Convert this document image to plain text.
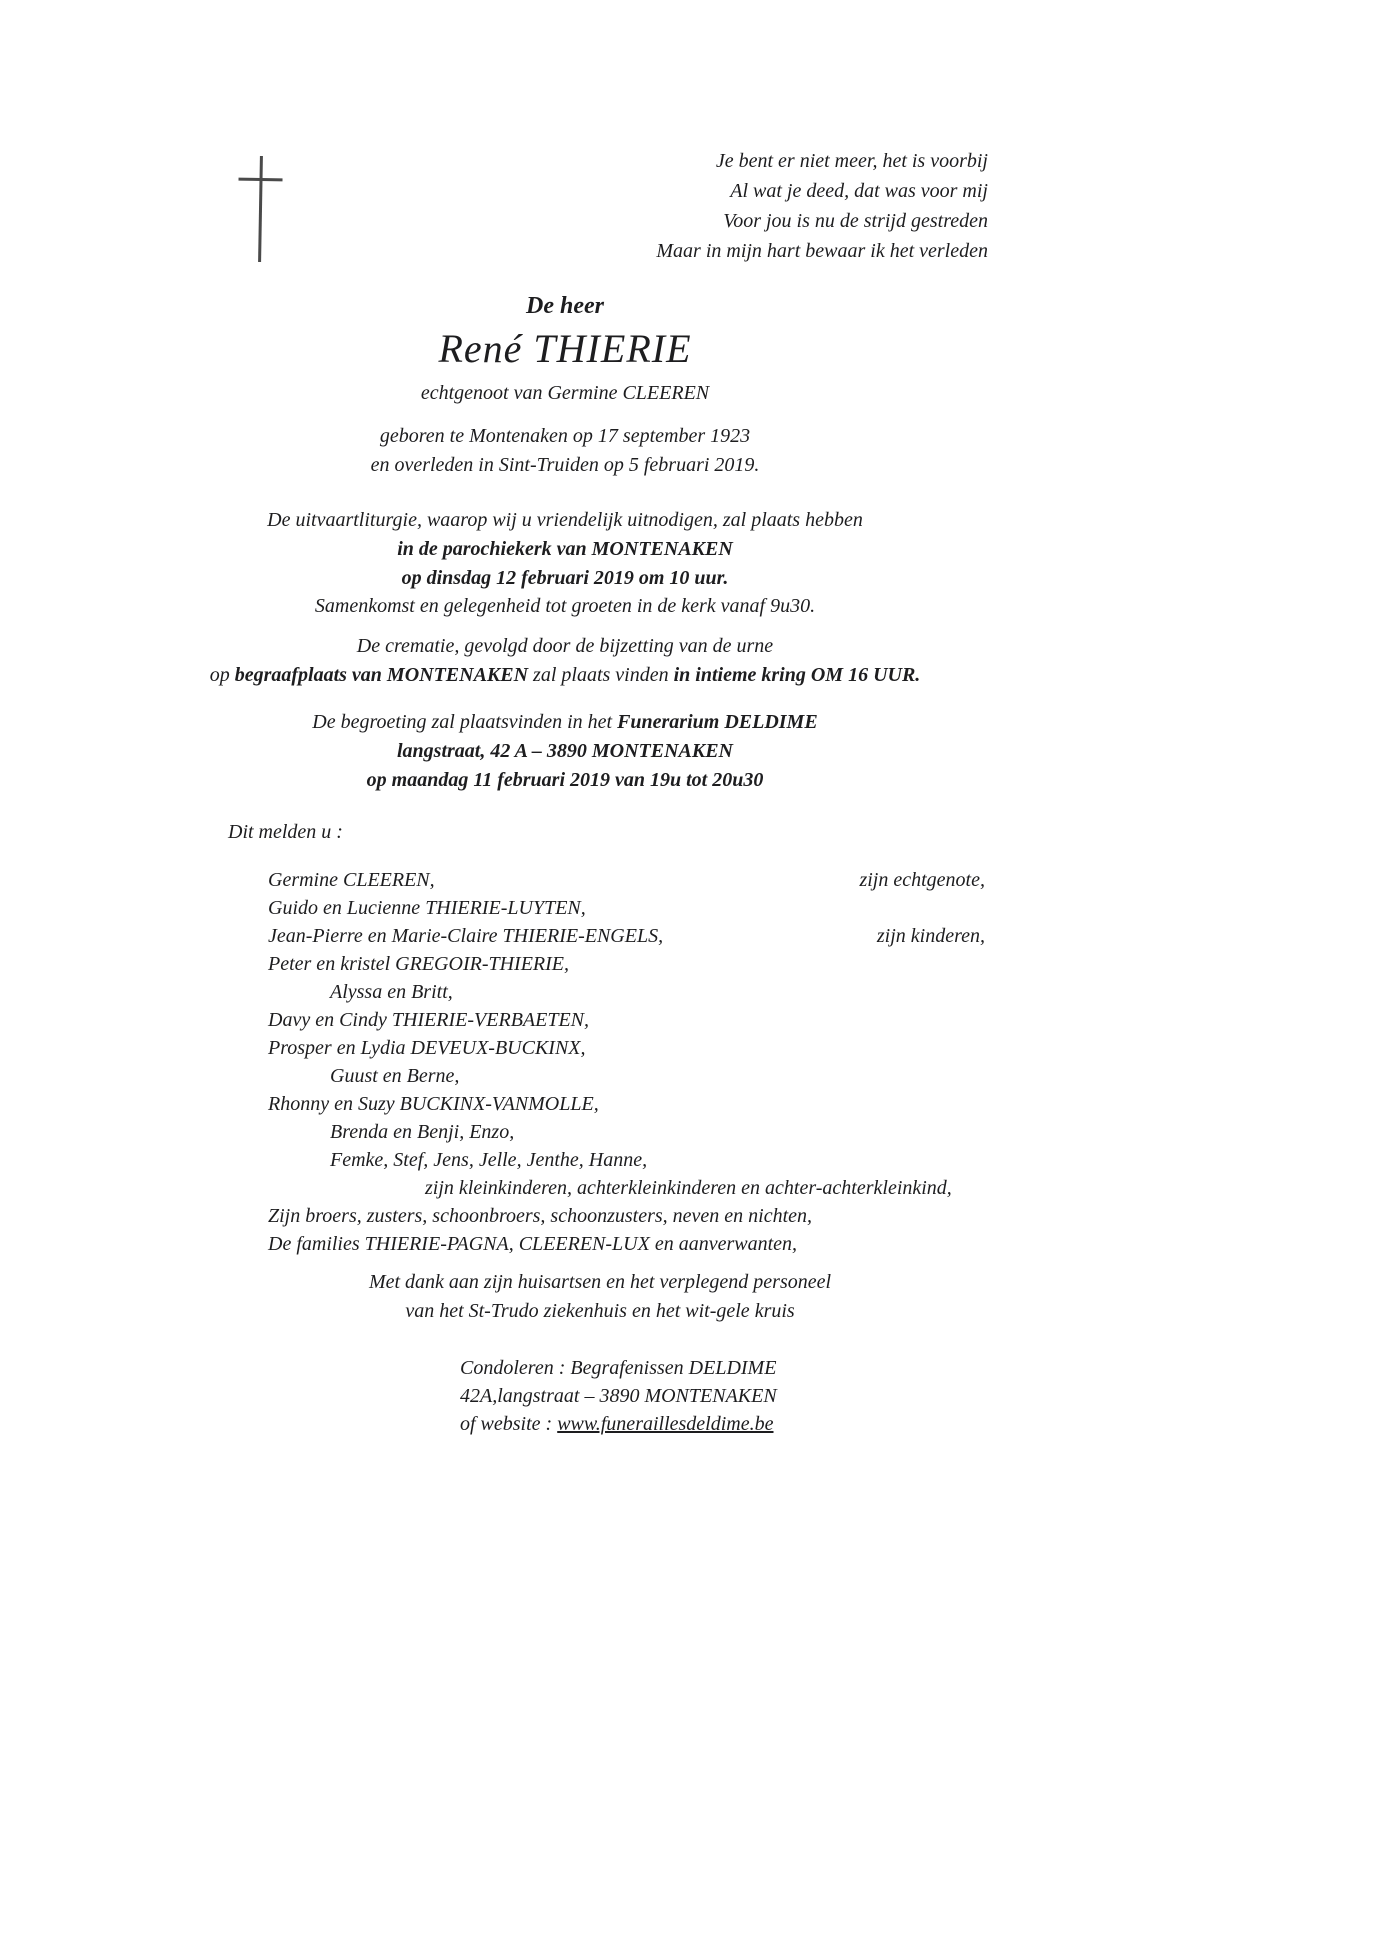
Je bent er niet meer, het is voorbij
Al wat je deed, dat was voor mij
Voor jou is nu de strijd gestreden
Maar in mijn hart bewaar ik het verleden
De heer
René THIERIE
echtgenoot van Germine CLEEREN
geboren te Montenaken op 17 september 1923
en overleden in Sint-Truiden op 5 februari 2019.
De uitvaartliturgie, waarop wij u vriendelijk uitnodigen, zal plaats hebben
in de parochiekerk van MONTENAKEN
op dinsdag 12 februari 2019 om 10 uur.
Samenkomst en gelegenheid tot groeten in de kerk vanaf 9u30.
De crematie, gevolgd door de bijzetting van de urne
op begraafplaats van MONTENAKEN zal plaats vinden in intieme kring OM 16 UUR.
De begroeting zal plaatsvinden in het Funerarium DELDIME
langstraat, 42 A – 3890 MONTENAKEN
op maandag 11 februari 2019 van 19u tot 20u30
Dit melden u :
Germine CLEEREN,	zijn echtgenote,
Guido en Lucienne THIERIE-LUYTEN,
Jean-Pierre en Marie-Claire THIERIE-ENGELS,	zijn kinderen,
Peter en kristel GREGOIR-THIERIE,
Alyssa en Britt,
Davy en Cindy THIERIE-VERBAETEN,
Prosper en Lydia DEVEUX-BUCKINX,
Guust en Berne,
Rhonny en Suzy BUCKINX-VANMOLLE,
Brenda en Benji, Enzo,
Femke, Stef, Jens, Jelle, Jenthe, Hanne,
zijn kleinkinderen, achterkleinkinderen en achter-achterkleinkind,
Zijn broers, zusters, schoonbroers, schoonzusters, neven en nichten,
De families THIERIE-PAGNA, CLEEREN-LUX en aanverwanten,
Met dank aan zijn huisartsen en het verplegend personeel
van het St-Trudo ziekenhuis en het wit-gele kruis
Condoleren : Begrafenissen DELDIME
42A,langstraat – 3890 MONTENAKEN
of website : www.funeraillesdeldime.be
